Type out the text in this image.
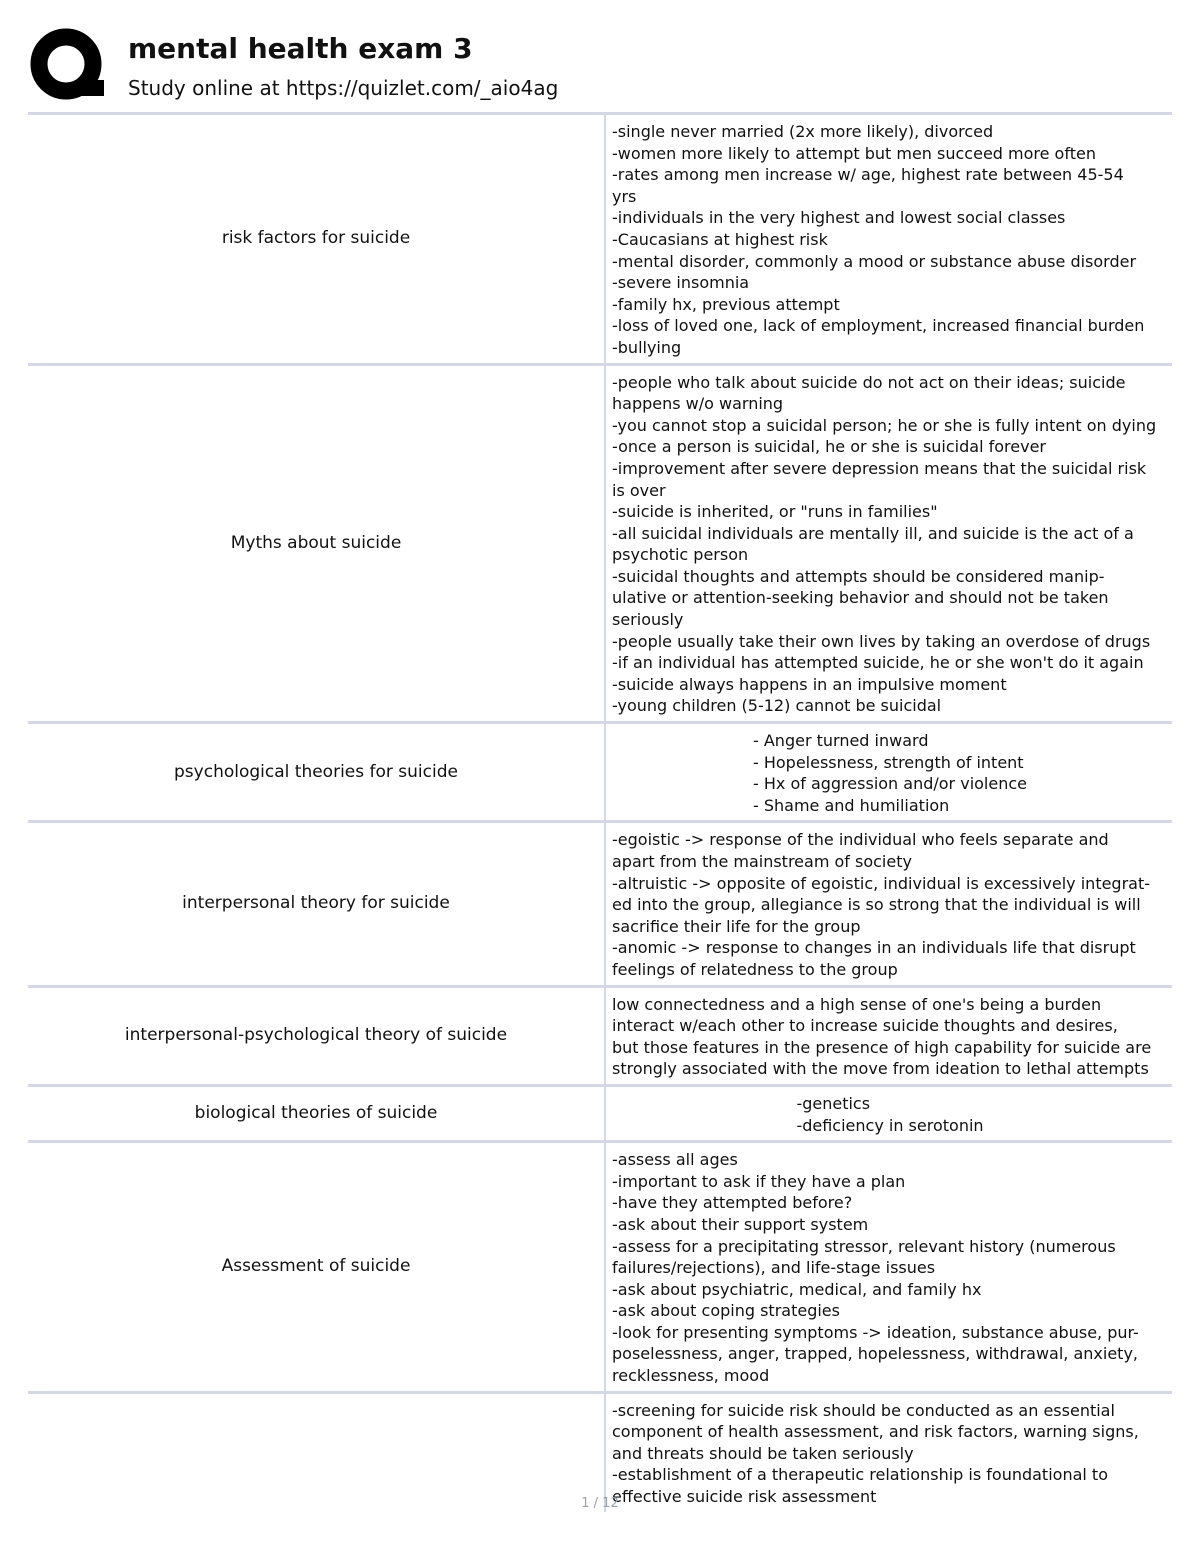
mental health exam 3
Study online at https://quizlet.com/_aio4ag
risk factors for suicide
-single never married (2x more likely), divorced
-women more likely to attempt but men succeed more often
-rates among men increase w/ age, highest rate between 45-54
yrs
-individuals in the very highest and lowest social classes
-Caucasians at highest risk
-mental disorder, commonly a mood or substance abuse disorder
-severe insomnia
-family hx, previous attempt
-loss of loved one, lack of employment, increased financial burden
-bullying
Myths about suicide
-people who talk about suicide do not act on their ideas; suicide
happens w/o warning
-you cannot stop a suicidal person; he or she is fully intent on dying
-once a person is suicidal, he or she is suicidal forever
-improvement after severe depression means that the suicidal risk
is over
-suicide is inherited, or "runs in families"
-all suicidal individuals are mentally ill, and suicide is the act of a
psychotic person
-suicidal thoughts and attempts should be considered manip-
ulative or attention-seeking behavior and should not be taken
seriously
-people usually take their own lives by taking an overdose of drugs
-if an individual has attempted suicide, he or she won't do it again
-suicide always happens in an impulsive moment
-young children (5-12) cannot be suicidal
psychological theories for suicide
- Anger turned inward
- Hopelessness, strength of intent
- Hx of aggression and/or violence
- Shame and humiliation
interpersonal theory for suicide
-egoistic -> response of the individual who feels separate and
apart from the mainstream of society
-altruistic -> opposite of egoistic, individual is excessively integrat-
ed into the group, allegiance is so strong that the individual is will
sacrifice their life for the group
-anomic -> response to changes in an individuals life that disrupt
feelings of relatedness to the group
interpersonal-psychological theory of suicide
low connectedness and a high sense of one's being a burden
interact w/each other to increase suicide thoughts and desires,
but those features in the presence of high capability for suicide are
strongly associated with the move from ideation to lethal attempts
biological theories of suicide	-genetics
-deficiency in serotonin
Assessment of suicide
-assess all ages
-important to ask if they have a plan
-have they attempted before?
-ask about their support system
-assess for a precipitating stressor, relevant history (numerous
failures/rejections), and life-stage issues
-ask about psychiatric, medical, and family hx
-ask about coping strategies
-look for presenting symptoms -> ideation, substance abuse, pur-
poselessness, anger, trapped, hopelessness, withdrawal, anxiety,
recklessness, mood
-screening for suicide risk should be conducted as an essential
component of health assessment, and risk factors, warning signs,
and threats should be taken seriously
-establishment of a therapeutic relationship is foundational to
effective suicide risk assessment
1 / 12
